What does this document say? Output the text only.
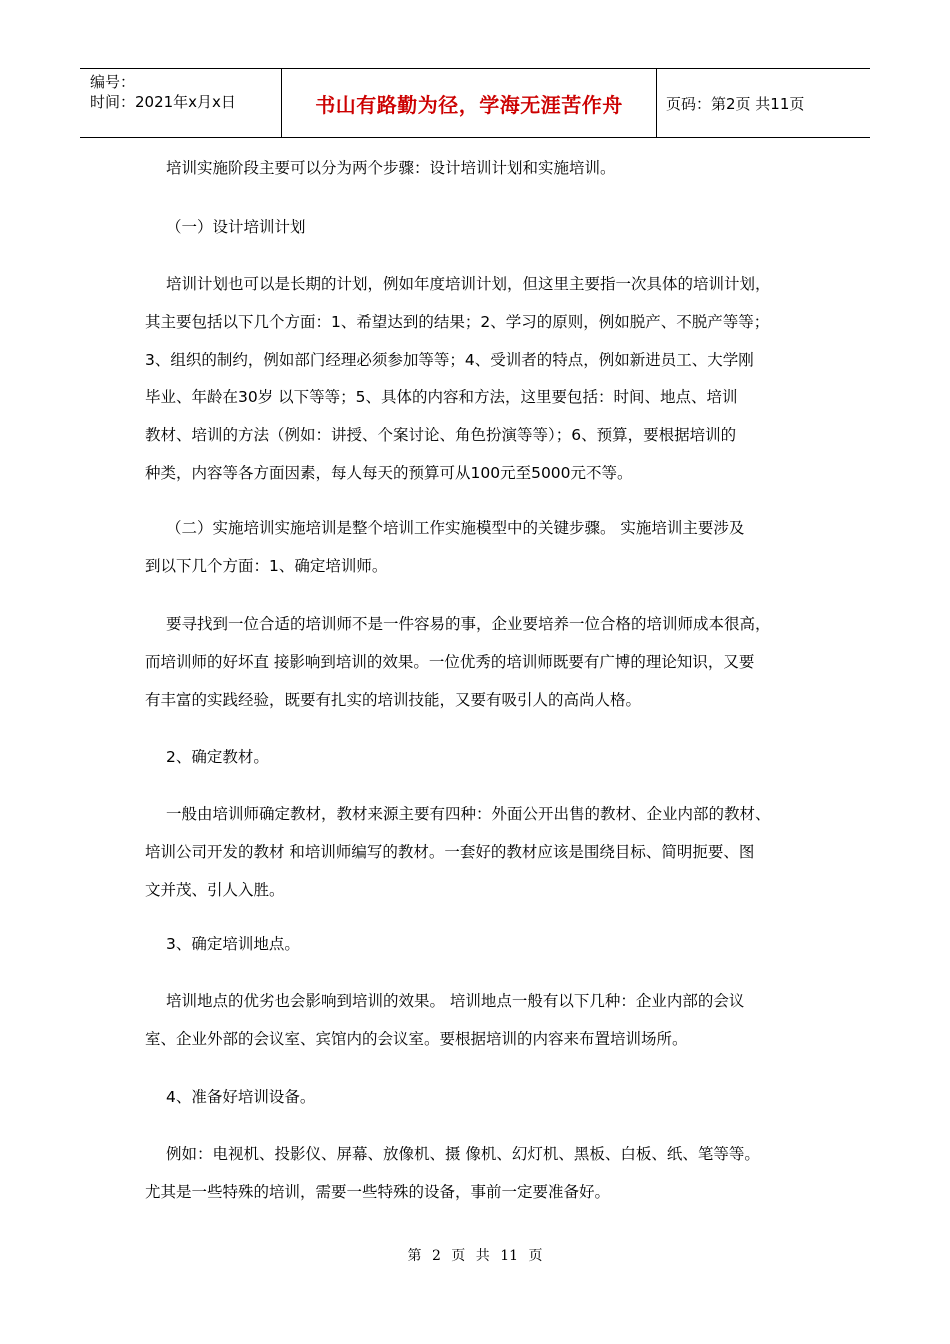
编号：
时间：2021年x月x日	书山有路勤为径，学海无涯苦作舟	页码：第2页 共11页
培训实施阶段主要可以分为两个步骤：设计培训计划和实施培训。
（一）设计培训计划
培训计划也可以是长期的计划，例如年度培训计划，但这里主要指一次具体的培训计划，
其主要包括以下几个方面：1、希望达到的结果；2、学习的原则，例如脱产、不脱产等等；
3、组织的制约，例如部门经理必须参加等等；4、受训者的特点，例如新进员工、大学刚
毕业、年龄在30岁 以下等等；5、具体的内容和方法，这里要包括：时间、地点、培训
教材、培训的方法（例如：讲授、个案讨论、角色扮演等等）；6、预算，要根据培训的
种类，内容等各方面因素，每人每天的预算可从100元至5000元不等。
（二）实施培训实施培训是整个培训工作实施模型中的关键步骤。 实施培训主要涉及
到以下几个方面：1、确定培训师。
要寻找到一位合适的培训师不是一件容易的事，企业要培养一位合格的培训师成本很高，
而培训师的好坏直 接影响到培训的效果。一位优秀的培训师既要有广博的理论知识，又要
有丰富的实践经验，既要有扎实的培训技能，又要有吸引人的高尚人格。
2、确定教材。
一般由培训师确定教材，教材来源主要有四种：外面公开出售的教材、企业内部的教材、
培训公司开发的教材 和培训师编写的教材。一套好的教材应该是围绕目标、简明扼要、图
文并茂、引人入胜。
3、确定培训地点。
培训地点的优劣也会影响到培训的效果。 培训地点一般有以下几种：企业内部的会议
室、企业外部的会议室、宾馆内的会议室。要根据培训的内容来布置培训场所。
4、准备好培训设备。
例如：电视机、投影仪、屏幕、放像机、摄 像机、幻灯机、黑板、白板、纸、笔等等。
尤其是一些特殊的培训，需要一些特殊的设备，事前一定要准备好。
第 2 页 共 11 页
